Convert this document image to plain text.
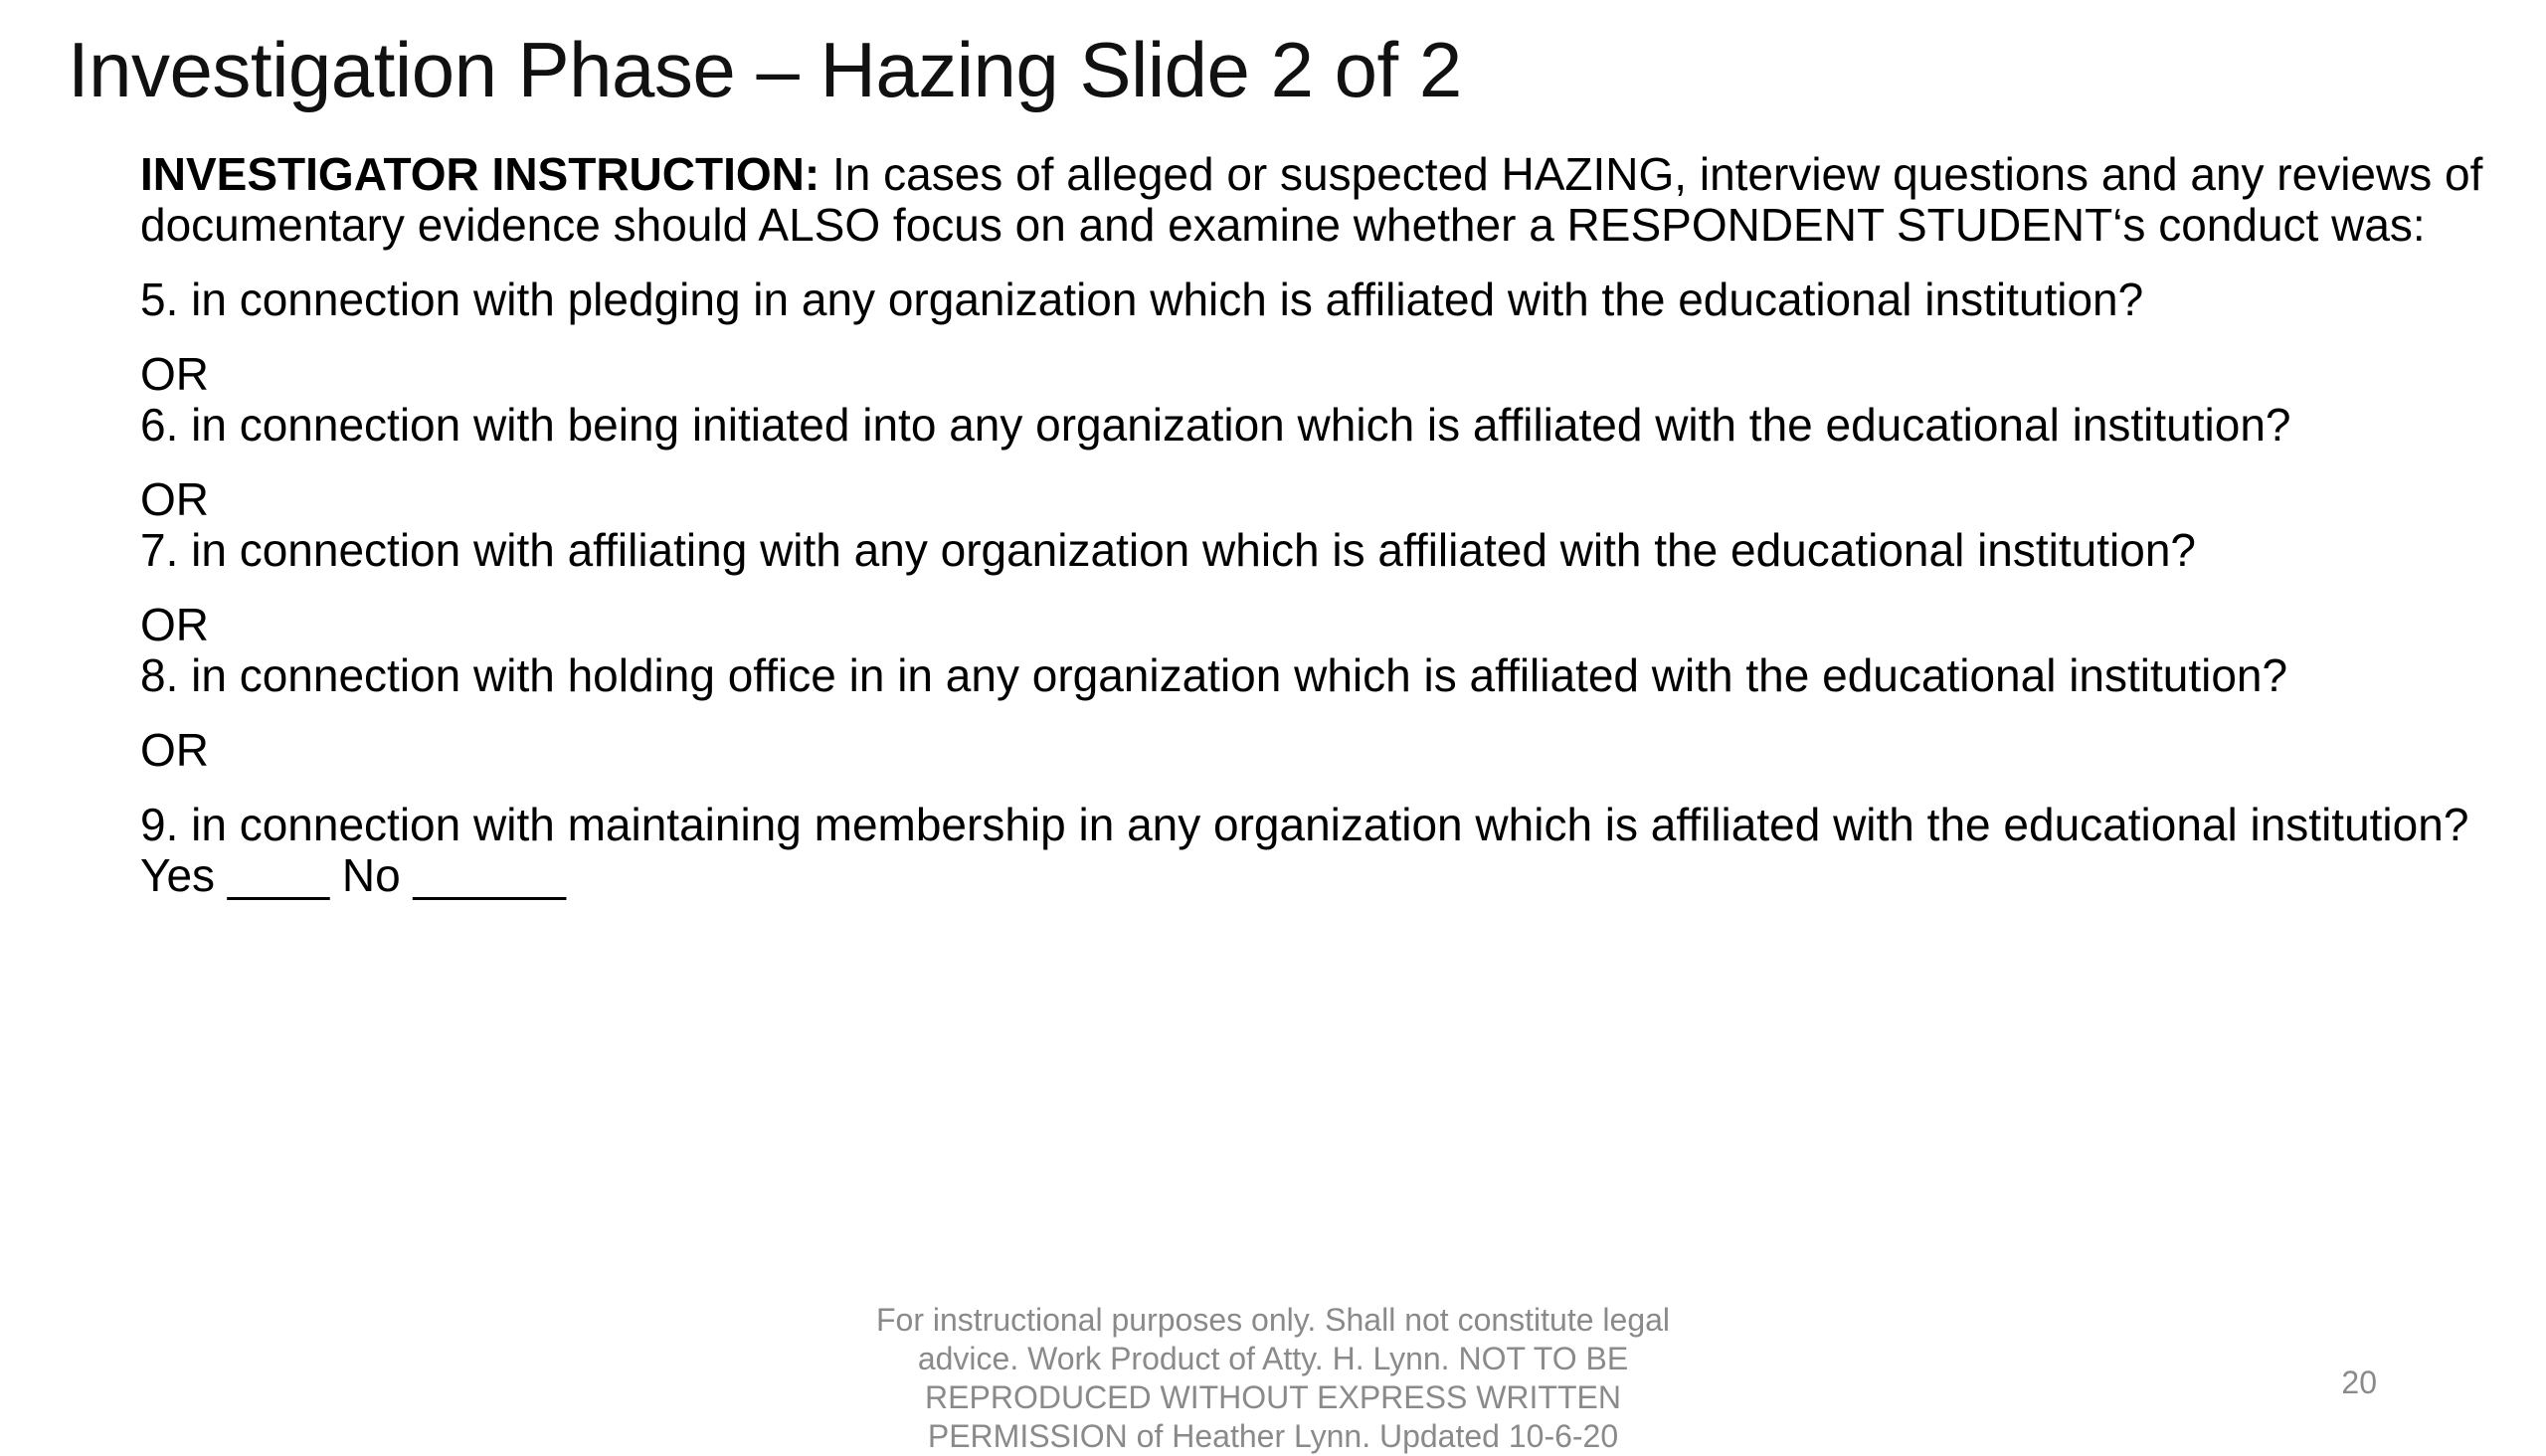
Investigation Phase – Hazing Slide 2 of 2

INVESTIGATOR INSTRUCTION: In cases of alleged or suspected HAZING, interview questions and any reviews of documentary evidence should ALSO focus on and examine whether a RESPONDENT STUDENT‘s conduct was:

5. in connection with pledging in any organization which is affiliated with the educational institution?

OR

6. in connection with being initiated into any organization which is affiliated with the educational institution?

OR

7. in connection with affiliating with any organization which is affiliated with the educational institution?

OR

8. in connection with holding office in in any organization which is affiliated with the educational institution?

OR

9. in connection with maintaining membership in any organization which is affiliated with the educational institution? Yes ____ No ______

For instructional purposes only. Shall not constitute legal advice. Work Product of Atty. H. Lynn. NOT TO BE REPRODUCED WITHOUT EXPRESS WRITTEN PERMISSION of Heather Lynn. Updated 10-6-20
20
